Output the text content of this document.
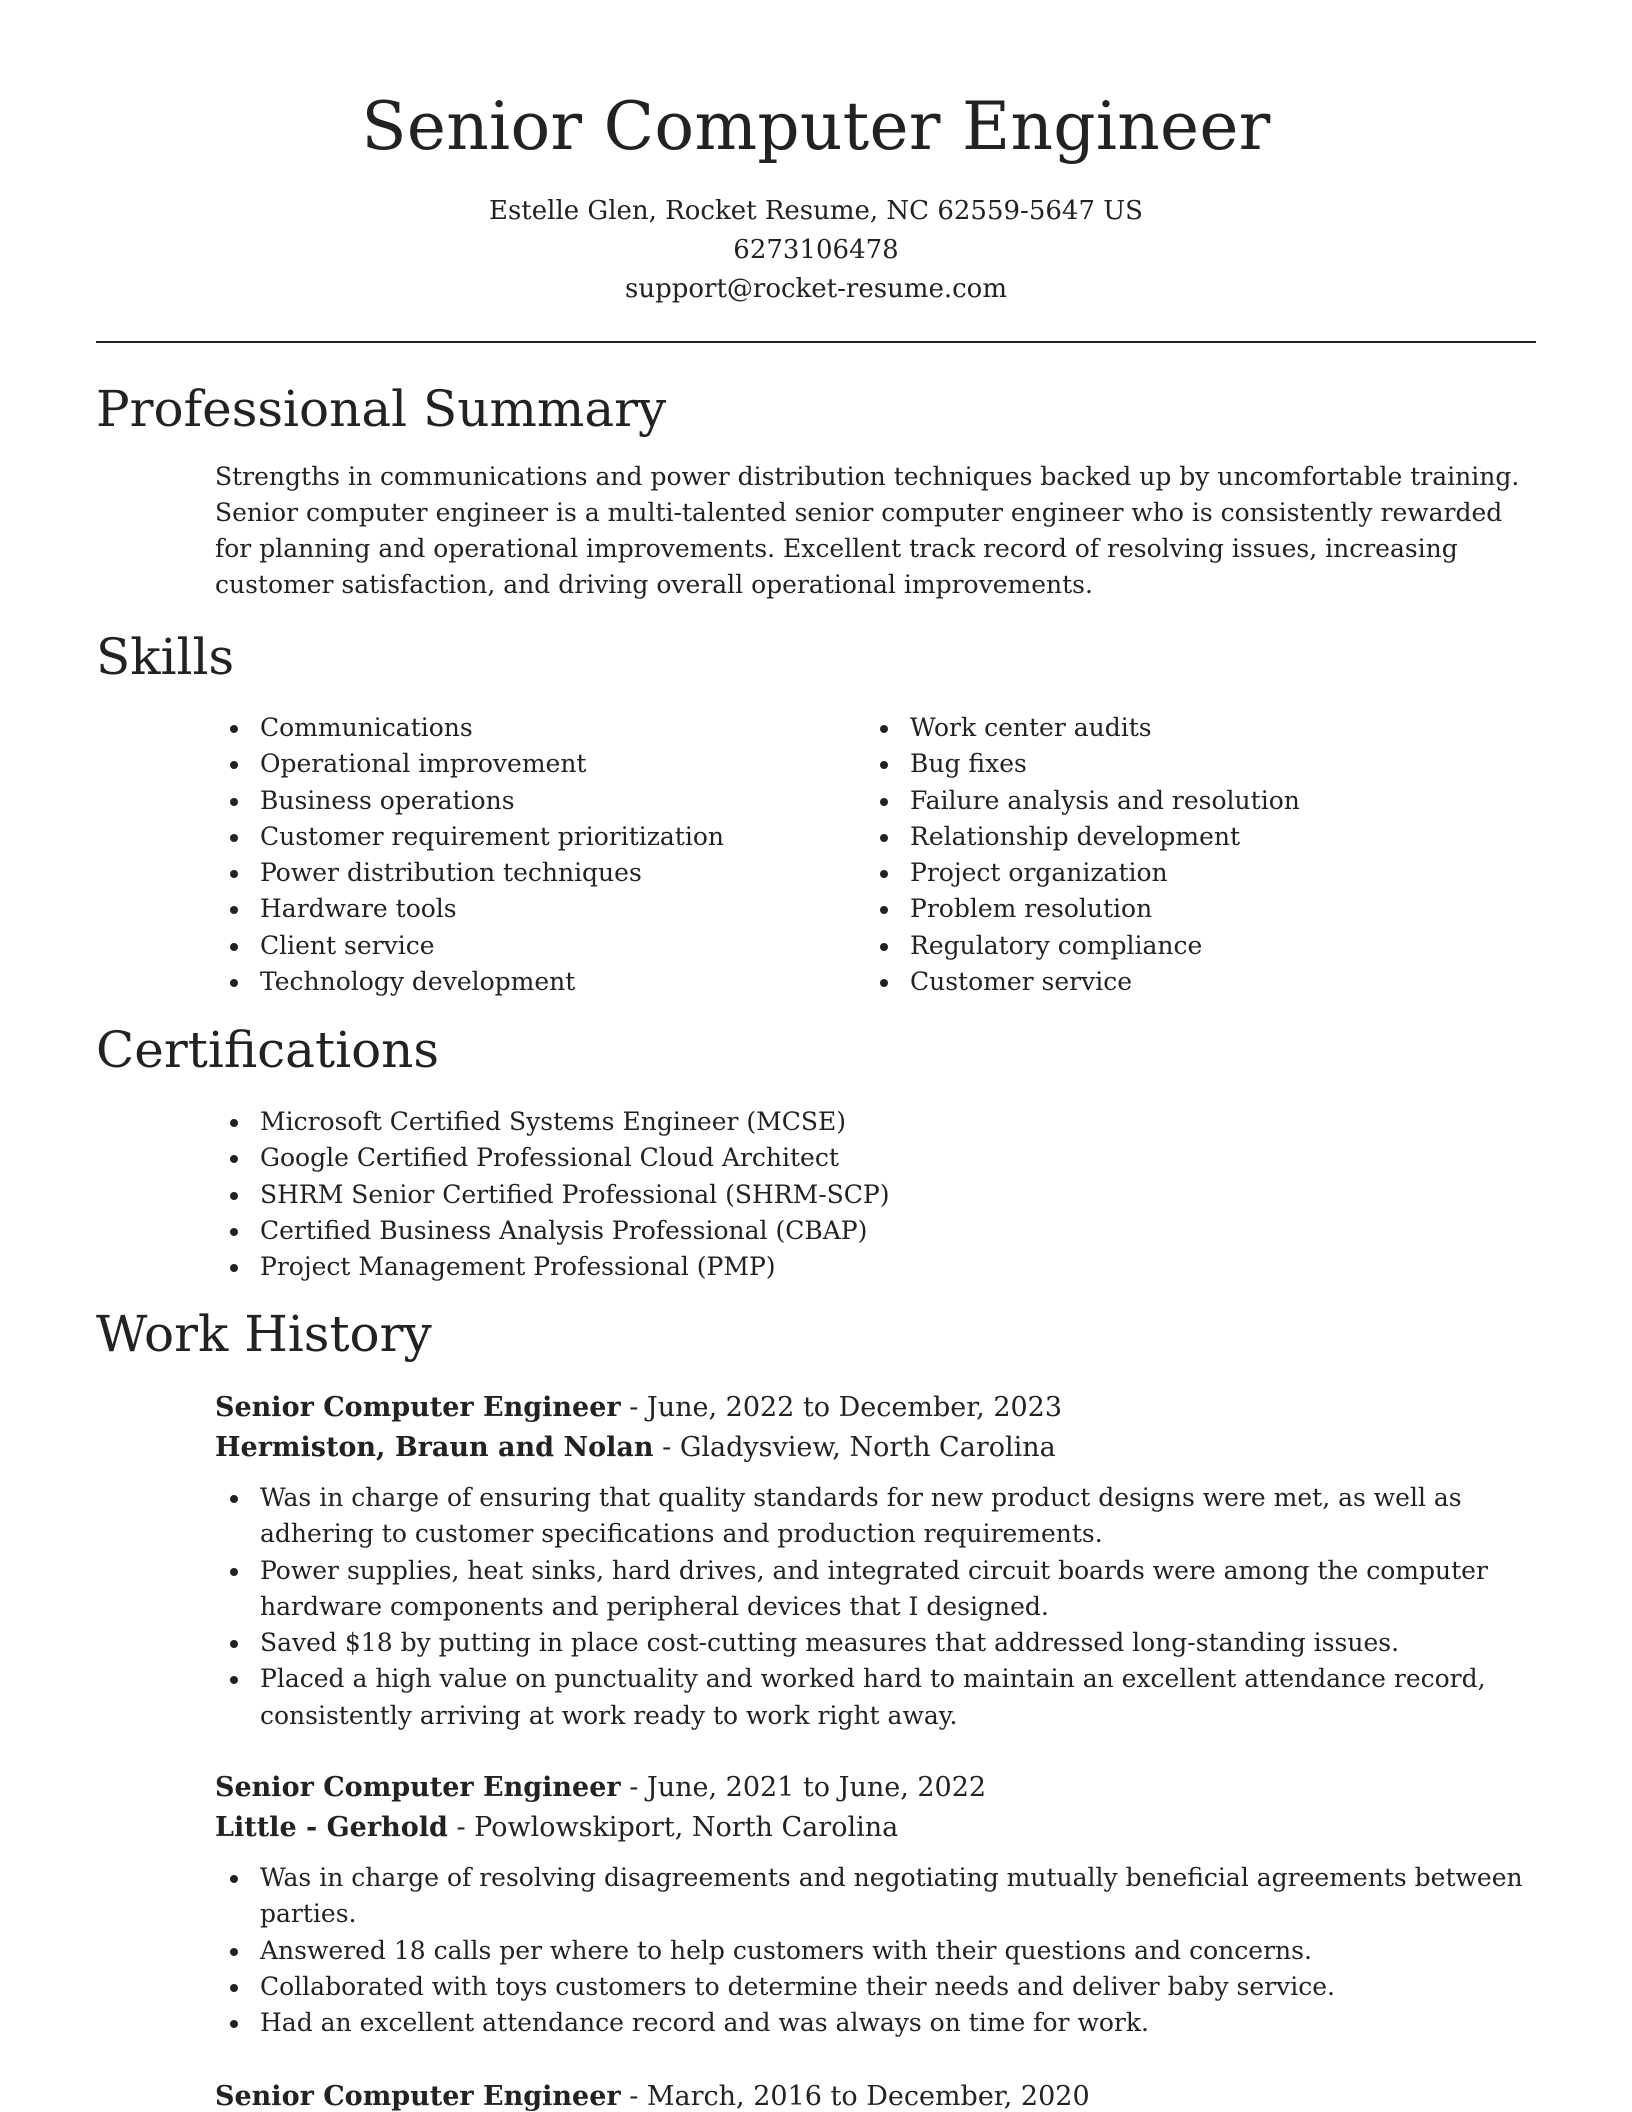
Senior Computer Engineer
Estelle Glen, Rocket Resume, NC 62559-5647 US
6273106478
support@rocket-resume.com
Professional Summary

Strengths in communications and power distribution techniques backed up by uncomfortable training. Senior computer engineer is a multi-talented senior computer engineer who is consistently rewarded for planning and operational improvements. Excellent track record of resolving issues, increasing customer satisfaction, and driving overall operational improvements.

Skills
Communications
Operational improvement
Business operations
Customer requirement prioritization
Power distribution techniques
Hardware tools
Client service
Technology development
Work center audits
Bug fixes
Failure analysis and resolution
Relationship development
Project organization
Problem resolution
Regulatory compliance
Customer service
Certifications
Microsoft Certified Systems Engineer (MCSE)
Google Certified Professional Cloud Architect
SHRM Senior Certified Professional (SHRM-SCP)
Certified Business Analysis Professional (CBAP)
Project Management Professional (PMP)
Work History
Senior Computer Engineer - June, 2022 to December, 2023
Hermiston, Braun and Nolan - Gladysview, North Carolina
Was in charge of ensuring that quality standards for new product designs were met, as well as adhering to customer specifications and production requirements.
Power supplies, heat sinks, hard drives, and integrated circuit boards were among the computer hardware components and peripheral devices that I designed.
Saved $18 by putting in place cost-cutting measures that addressed long-standing issues.
Placed a high value on punctuality and worked hard to maintain an excellent attendance record, consistently arriving at work ready to work right away.
Senior Computer Engineer - June, 2021 to June, 2022
Little - Gerhold - Powlowskiport, North Carolina
Was in charge of resolving disagreements and negotiating mutually beneficial agreements between parties.
Answered 18 calls per where to help customers with their questions and concerns.
Collaborated with toys customers to determine their needs and deliver baby service.
Had an excellent attendance record and was always on time for work.
Senior Computer Engineer - March, 2016 to December, 2020
